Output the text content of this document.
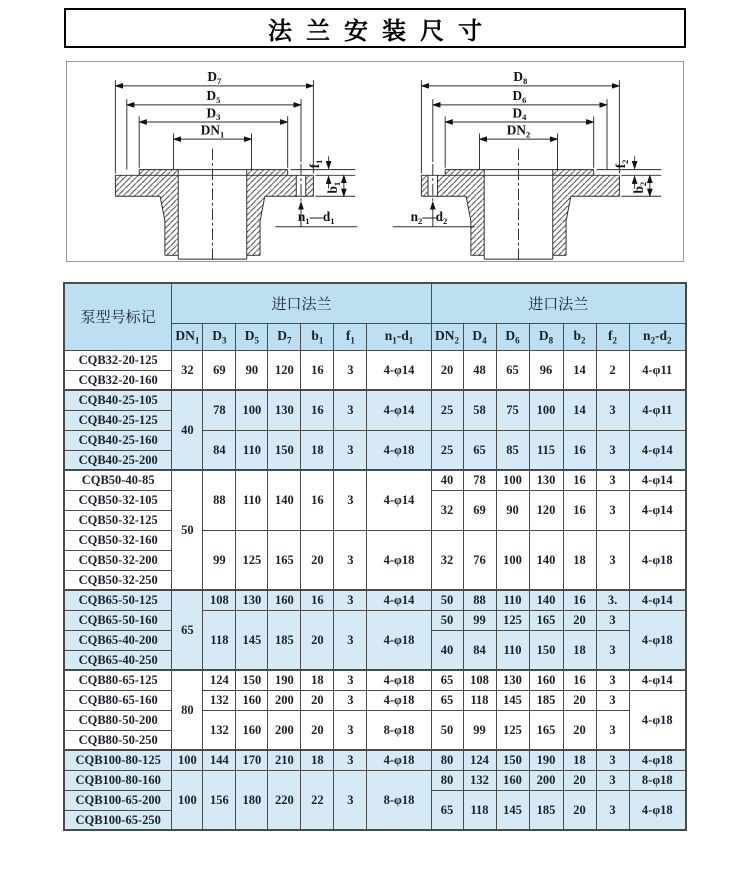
法兰安装尺寸
$D_7$
$D_5$
$D_3$
$DN_1$
$f_1$
$b_1$
$n_1—d_1$
$D_8$
$D_6$
$D_4$
$DN_2$
$f_2$
$b_2$
$n_2—d_2$
泵型号标记	进口法兰							进口法兰						
	$DN_1$	$D_3$	$D_5$	$D_7$	$b_1$	$f_1$	$n_1-d_1$	$DN_2$	$D_4$	$D_6$	$D_8$	$b_2$	$f_2$	$n_2-d_2$
CQB32-20-125	32	69	90	120	16	3	4-φ14	20	48	65	96	14	2	4-φ11
CQB32-20-160														
CQB40-25-105	40	78	100	130	16	3	4-φ14	25	58	75	100	14	3	4-φ11
CQB40-25-125														
CQB40-25-160		84	110	150	18	3	4-φ18	25	65	85	115	16	3	4-φ14
CQB40-25-200														
CQB50-40-85	50	88	110	140	16	3	4-φ14	40	78	100	130	16	3	4-φ14
CQB50-32-105								32	69	90	120	16	3	4-φ14
CQB50-32-125														
CQB50-32-160		99	125	165	20	3	4-φ18	32	76	100	140	18	3	4-φ18
CQB50-32-200														
CQB50-32-250														
CQB65-50-125	65	108	130	160	16	3	4-φ14	50	88	110	140	16	3.	4-φ14
CQB65-50-160		118	145	185	20	3	4-φ18	50	99	125	165	20	3	4-φ18
CQB65-40-200								40	84	110	150	18	3	
CQB65-40-250														
CQB80-65-125	80	124	150	190	18	3	4-φ18	65	108	130	160	16	3	4-φ14
CQB80-65-160		132	160	200	20	3	4-φ18	65	118	145	185	20	3	4-φ18
CQB80-50-200		132	160	200	20	3	8-φ18	50	99	125	165	20	3	
CQB80-50-250														
CQB100-80-125	100	144	170	210	18	3	4-φ18	80	124	150	190	18	3	4-φ18
CQB100-80-160	100	156	180	220	22	3	8-φ18	80	132	160	200	20	3	8-φ18
CQB100-65-200								65	118	145	185	20	3	4-φ18
CQB100-65-250														
